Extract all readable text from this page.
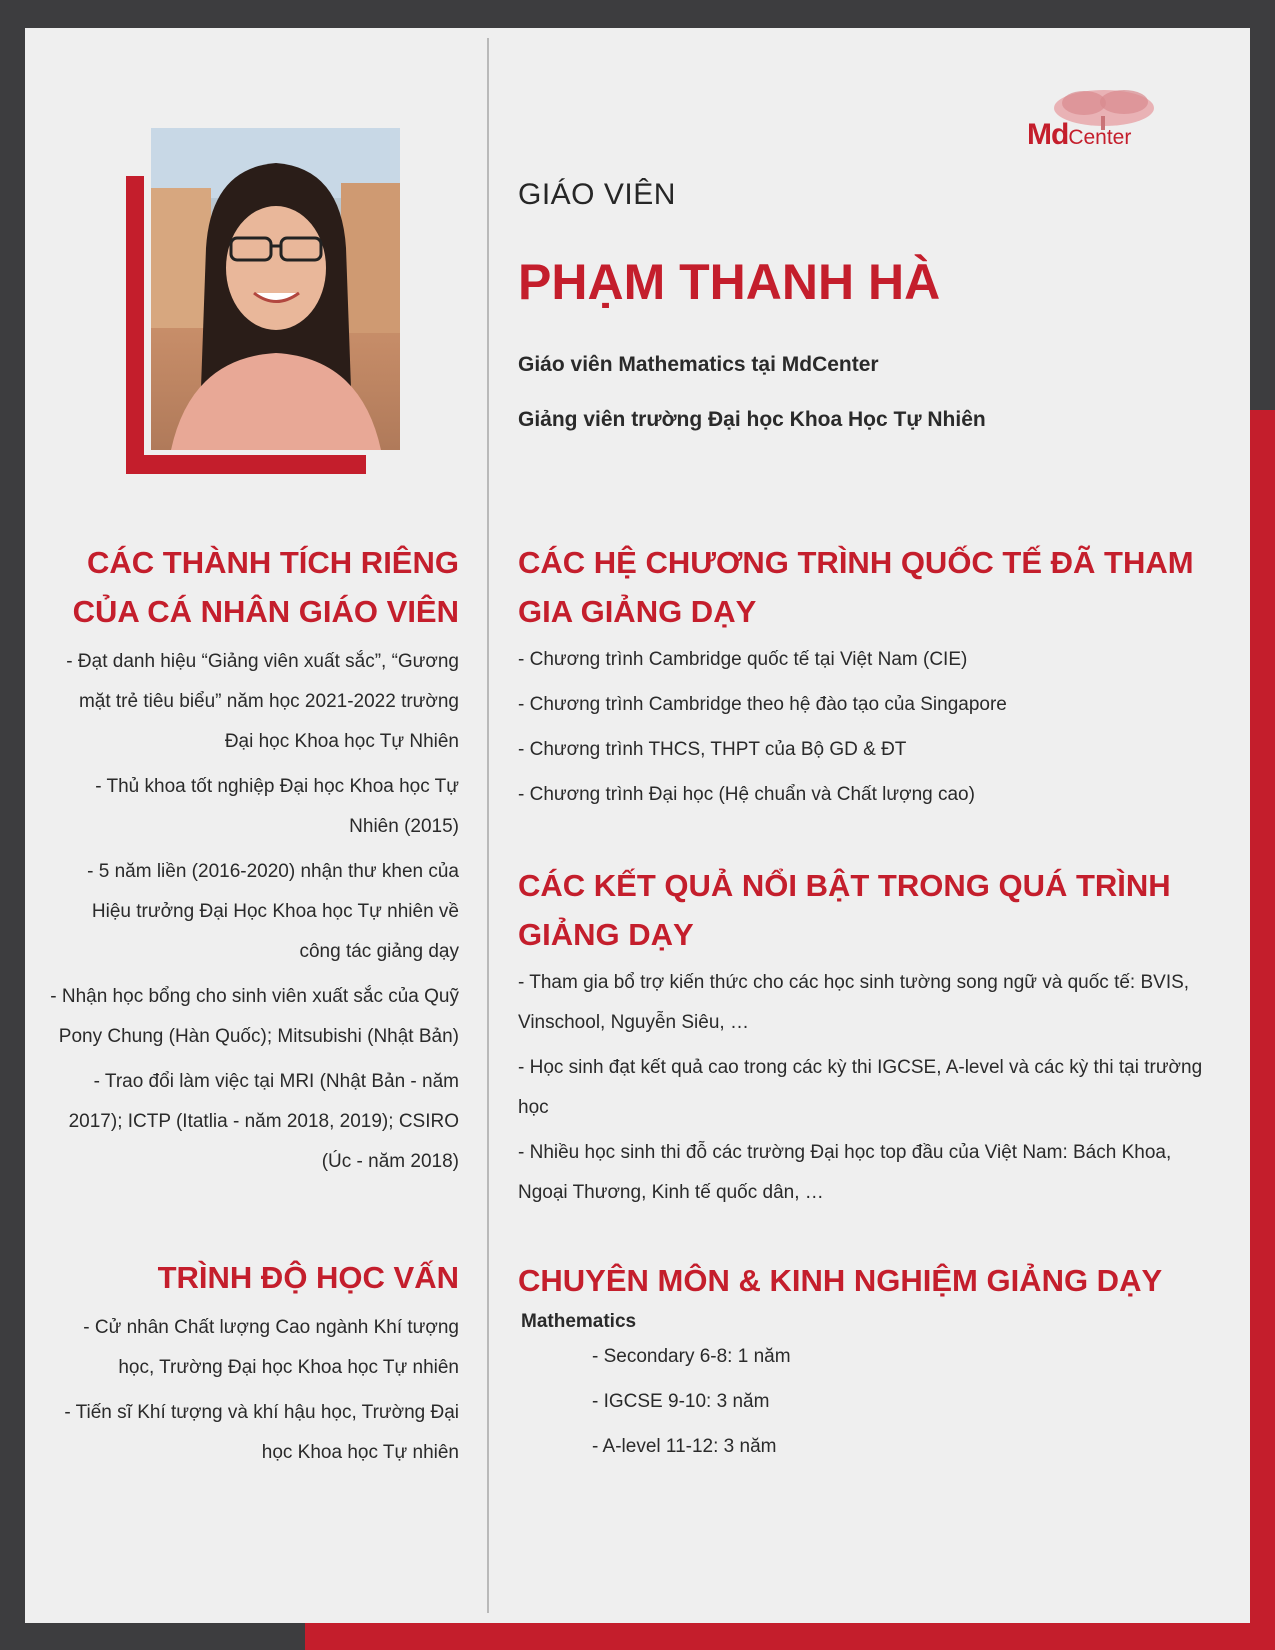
MdCenter
GIÁO VIÊN
PHẠM THANH HÀ
Giáo viên Mathematics tại MdCenter
Giảng viên trường Đại học Khoa Học Tự Nhiên
CÁC THÀNH TÍCH RIÊNG CỦA CÁ NHÂN GIÁO VIÊN
- Đạt danh hiệu “Giảng viên xuất sắc”, “Gương mặt trẻ tiêu biểu” năm học 2021-2022 trường Đại học Khoa học Tự Nhiên
- Thủ khoa tốt nghiệp Đại học Khoa học Tự Nhiên (2015)
- 5 năm liền (2016-2020) nhận thư khen của Hiệu trưởng Đại Học Khoa học Tự nhiên về công tác giảng dạy
- Nhận học bổng cho sinh viên xuất sắc của Quỹ Pony Chung (Hàn Quốc); Mitsubishi (Nhật Bản)
- Trao đổi làm việc tại MRI (Nhật Bản - năm 2017); ICTP (Itatlia - năm 2018, 2019); CSIRO (Úc - năm 2018)
TRÌNH ĐỘ HỌC VẤN
- Cử nhân Chất lượng Cao ngành Khí tượng học, Trường Đại học Khoa học Tự nhiên
- Tiến sĩ Khí tượng và khí hậu học, Trường Đại học Khoa học Tự nhiên
CÁC HỆ CHƯƠNG TRÌNH QUỐC TẾ ĐÃ THAM GIA GIẢNG DẠY
- Chương trình Cambridge quốc tế tại Việt Nam (CIE)
- Chương trình Cambridge theo hệ đào tạo của Singapore
- Chương trình THCS, THPT của Bộ GD & ĐT
- Chương trình Đại học (Hệ chuẩn và Chất lượng cao)
CÁC KẾT QUẢ NỔI BẬT TRONG QUÁ TRÌNH GIẢNG DẠY
- Tham gia bổ trợ kiến thức cho các học sinh tường song ngữ và quốc tế: BVIS, Vinschool, Nguyễn Siêu, …
- Học sinh đạt kết quả cao trong các kỳ thi IGCSE, A-level và các kỳ thi tại trường học
- Nhiều học sinh thi đỗ các trường Đại học top đầu của Việt Nam: Bách Khoa, Ngoại Thương, Kinh tế quốc dân, …
CHUYÊN MÔN & KINH NGHIỆM GIẢNG DẠY
Mathematics
- Secondary 6-8: 1 năm
- IGCSE 9-10: 3 năm
- A-level 11-12: 3 năm
